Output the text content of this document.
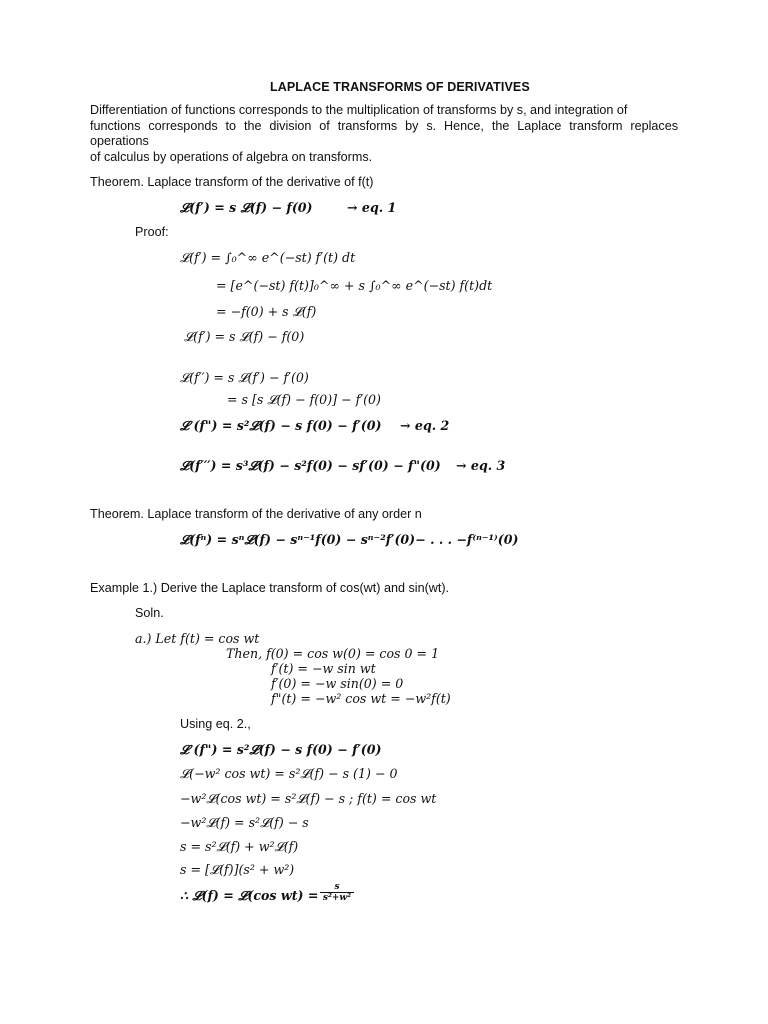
LAPLACE TRANSFORMS OF DERIVATIVES
Differentiation of functions corresponds to the multiplication of transforms by s, and integration of
functions corresponds to the division of transforms by s. Hence, the Laplace transform replaces operations
of calculus by operations of algebra on transforms.
Theorem. Laplace transform of the derivative of f(t)
𝓛(f′) = s 𝓛(f) − f(0)	→ eq. 1
Proof:
𝓛(f′) = ∫₀^∞ e^(−st) f′(t) dt
= [e^(−st) f(t)]₀^∞ + s ∫₀^∞ e^(−st) f(t)dt
= −f(0) + s 𝓛(f)
𝓛(f′) = s 𝓛(f) − f(0)
𝓛(f′′) = s 𝓛(f′) − f′(0)
= s [s 𝓛(f) − f(0)] − f′(0)
𝓛 (f") = s²𝓛(f) − s f(0) − f′(0) → eq. 2
𝓛(f′′′) = s³𝓛(f) − s²f(0) − sf′(0) − f"(0) → eq. 3
Theorem. Laplace transform of the derivative of any order n
𝓛(fⁿ) = sⁿ𝓛(f) − sⁿ⁻¹f(0) − sⁿ⁻²f′(0)− . . . −f⁽ⁿ⁻¹⁾(0)
Example 1.) Derive the Laplace transform of cos(wt) and sin(wt).
Soln.
a.) Let f(t) = cos wt
Then, f(0) = cos w(0) = cos 0 = 1
f′(t) = −w sin wt
f′(0) = −w sin(0) = 0
f"(t) = −w² cos wt = −w²f(t)
Using eq. 2.,
𝓛 (f") = s²𝓛(f) − s f(0) − f′(0)
𝓛(−w² cos wt) = s²𝓛(f) − s (1) − 0
−w²𝓛(cos wt) = s²𝓛(f) − s ; f(t) = cos wt
−w²𝓛(f) = s²𝓛(f) − s
s = s²𝓛(f) + w²𝓛(f)
s = [𝓛(f)](s² + w²)
∴ 𝓛(f) = 𝓛(cos wt) =
s
s²+w²
